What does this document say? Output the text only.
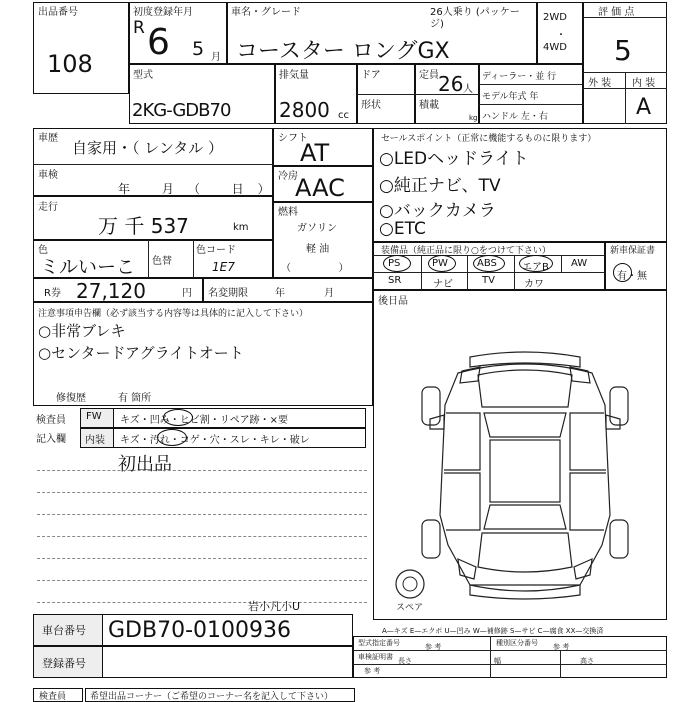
出品番号
108
初度登録年月
R 6 5 月
車名・グレード	26人乗り (パッケージ)
コースター ロングGX
2WD
・
4WD
評 価 点
5
外 装 内 装
A
型式
2KG-GDB70
排気量
2800 cc
ドア
形状
定員 26 人
積載
kg
ディーラー・並 行
モデル年式 年
ハンドル 左・右
車歴
自家用・（ レンタル ）
車検
年 月（ 日）
走行
万 千 537	km
色
ミルいーこ 色替
色コード
1E7
R券 27,120	円 名変期限	年 月
シフト
AT
冷房
AAC
燃料
ガソリン
軽 油
（               ）
セールスポイント（正常に機能するものに限ります）
○LEDヘッドライト
○純正ナビ、TV
○バックカメラ
○ETC
装備品（純正品に限り○をつけて下さい）
PS	PW	ABS	エアB AW
SR	ナビ	TV	カワ
新車保証書
有・無
後日品
スペア
注意事項申告欄（必ず該当する内容等は具体的に記入して下さい）
○非常ブレキ
○センタードアグライトオート
修復歴	有 箇所
検査員
記入欄
FW キズ・凹み・ヒビ割・リペア跡・×要
内装 キズ・汚れ・コゲ・穴・スレ・キレ・破レ
初出品
岩小凡小U
車台番号 GDB70-0100936
登録番号
A—キズ E—エクボ U—凹み W—補修跡 S—サビ C—腐食 XX—交換済
型式指定番号	参 考	種別区分番号 参 考
車検証明書
参 考
長さ	幅	高さ
検査員	希望出品コーナー（ご希望のコーナー名を記入して下さい）
